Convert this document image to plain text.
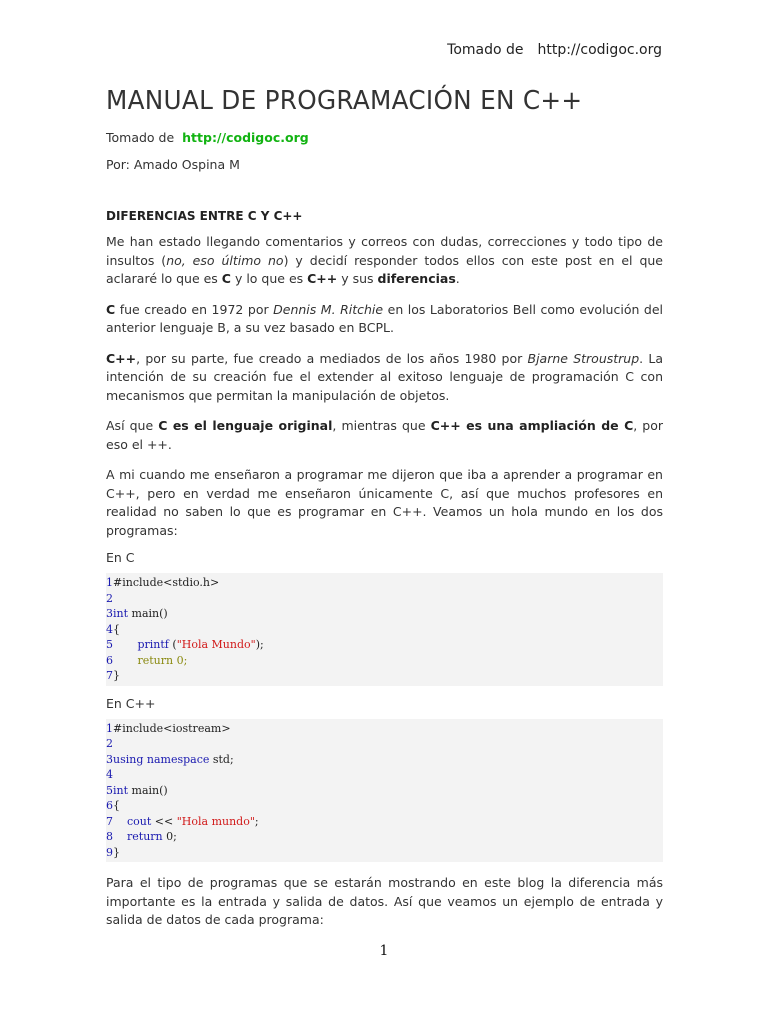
Tomado de http://codigoc.org
MANUAL DE PROGRAMACIÓN EN C++
Tomado de http://codigoc.org
Por: Amado Ospina M
DIFERENCIAS ENTRE C Y C++

Me han estado llegando comentarios y correos con dudas, correcciones y todo tipo de insultos (no, eso último no) y decidí responder todos ellos con este post en el que aclararé lo que es C y lo que es C++ y sus diferencias.

C fue creado en 1972 por Dennis M. Ritchie en los Laboratorios Bell como evolución del anterior lenguaje B, a su vez basado en BCPL.

C++, por su parte, fue creado a mediados de los años 1980 por Bjarne Stroustrup. La intención de su creación fue el extender al exitoso lenguaje de programación C con mecanismos que permitan la manipulación de objetos.

Así que C es el lenguaje original, mientras que C++ es una ampliación de C, por eso el ++.

A mi cuando me enseñaron a programar me dijeron que iba a aprender a programar en C++, pero en verdad me enseñaron únicamente C, así que muchos profesores en realidad no saben lo que es programar en C++. Veamos un hola mundo en los dos programas:

En C
1 #include<stdio.h>
2
3 int main()
4 {
5
printf ( "Hola Mundo" );
6
return 0;
7 }
En C++
1 #include<iostream>
2
3 using
namespace std;
4
5 int main()
6 {
7
cout << "Hola mundo" ;
8
return 0;
9 }

Para el tipo de programas que se estarán mostrando en este blog la diferencia más importante es la entrada y salida de datos. Así que veamos un ejemplo de entrada y salida de datos de cada programa:

1
